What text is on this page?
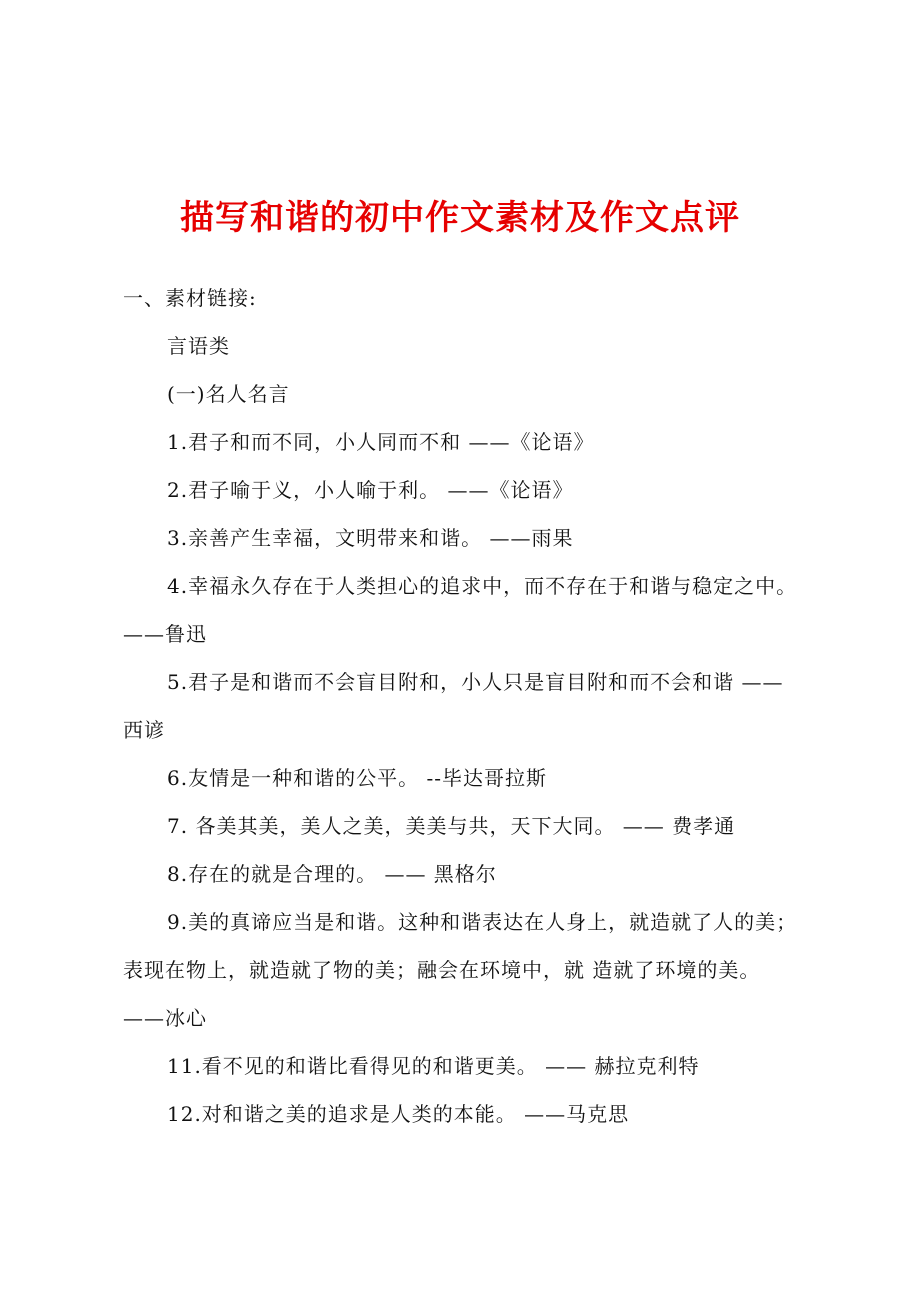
描写和谐的初中作文素材及作文点评
一、素材链接:
言语类
(一)名人名言
1.君子和而不同，小人同而不和 ——《论语》
2.君子喻于义，小人喻于利。 ——《论语》
3.亲善产生幸福，文明带来和谐。 ——雨果
4.幸福永久存在于人类担心的追求中，而不存在于和谐与稳定之中。
——鲁迅
5.君子是和谐而不会盲目附和，小人只是盲目附和而不会和谐 ——
西谚
6.友情是一种和谐的公平。 --毕达哥拉斯
7. 各美其美，美人之美，美美与共，天下大同。 —— 费孝通
8.存在的就是合理的。 —— 黑格尔
9.美的真谛应当是和谐。这种和谐表达在人身上，就造就了人的美；
表现在物上，就造就了物的美；融会在环境中，就 造就了环境的美。
——冰心
11.看不见的和谐比看得见的和谐更美。 —— 赫拉克利特
12.对和谐之美的追求是人类的本能。 ——马克思
